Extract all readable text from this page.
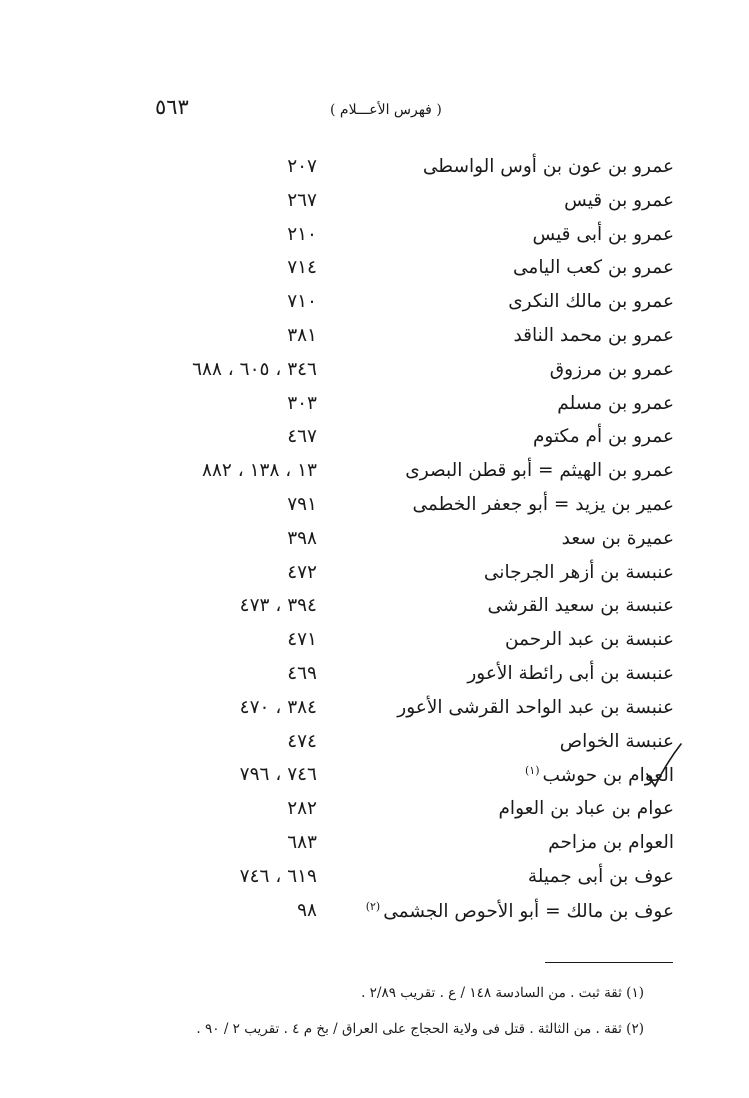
٥٦٣	( فهرس الأعـــلام )
عمرو بن عون بن أوس الواسطى
٢٠٧
عمرو بن قيس
٢٦٧
عمرو بن أبى قيس
٢١٠
عمرو بن كعب اليامى
٧١٤
عمرو بن مالك النكرى
٧١٠
عمرو بن محمد الناقد
٣٨١
عمرو بن مرزوق
٣٤٦ ، ٦٠٥ ، ٦٨٨
عمرو بن مسلم
٣٠٣
عمرو بن أم مكتوم
٤٦٧
عمرو بن الهيثم = أبو قطن البصرى
١٣ ، ١٣٨ ، ٨٨٢
عمير بن يزيد = أبو جعفر الخطمى
٧٩١
عميرة بن سعد
٣٩٨
عنبسة بن أزهر الجرجانى
٤٧٢
عنبسة بن سعيد القرشى
٣٩٤ ، ٤٧٣
عنبسة بن عبد الرحمن
٤٧١
عنبسة بن أبى رائطة الأعور
٤٦٩
عنبسة بن عبد الواحد القرشى الأعور
٣٨٤ ، ٤٧٠
عنبسة الخواص
٤٧٤
العوام بن حوشب$^{(١)}$
٧٤٦ ، ٧٩٦
عوام بن عباد بن العوام
٢٨٢
العوام بن مزاحم
٦٨٣
عوف بن أبى جميلة
٦١٩ ، ٧٤٦
عوف بن مالك = أبو الأحوص الجشمى$^{(٢)}$
٩٨
(١) ثقة ثبت . من السادسة ١٤٨ / ع . تقريب ٢/٨٩ .
(٢) ثقة . من الثالثة . قتل فى ولاية الحجاج على العراق / بخ م ٤ . تقريب ٢ / ٩٠ .
